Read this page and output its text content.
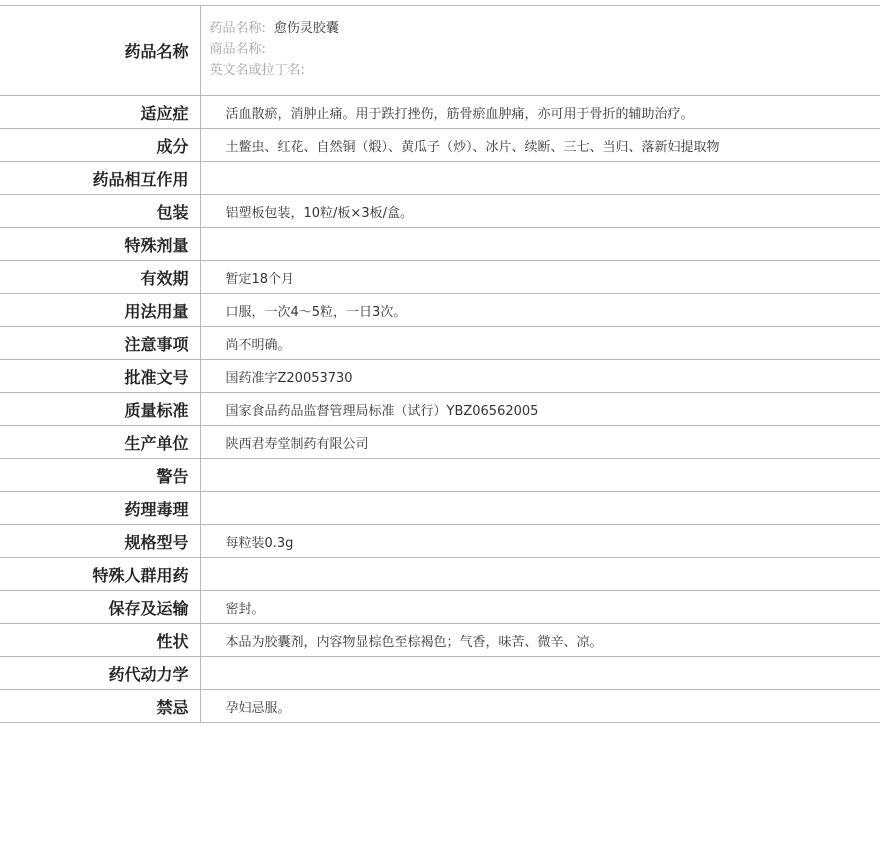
药品名称	药品名称: 愈伤灵胶囊
商品名称:
英文名或拉丁名:

适应症	活血散瘀，消肿止痛。用于跌打挫伤，筋骨瘀血肿痛，亦可用于骨折的辅助治疗。
成分	土鳖虫、红花、自然铜（煅）、黄瓜子（炒）、冰片、续断、三七、当归、落新妇提取物
药品相互作用	
包装	铝塑板包装，10粒/板×3板/盒。
特殊剂量	
有效期	暂定18个月
用法用量	口服，一次4～5粒，一日3次。
注意事项	尚不明确。
批准文号	国药准字Z20053730
质量标准	国家食品药品监督管理局标准（试行）YBZ06562005
生产单位	陕西君寿堂制药有限公司
警告	
药理毒理	
规格型号	每粒装0.3g
特殊人群用药	
保存及运输	密封。
性状	本品为胶囊剂，内容物显棕色至棕褐色；气香，味苦、微辛、凉。
药代动力学	
禁忌	孕妇忌服。
